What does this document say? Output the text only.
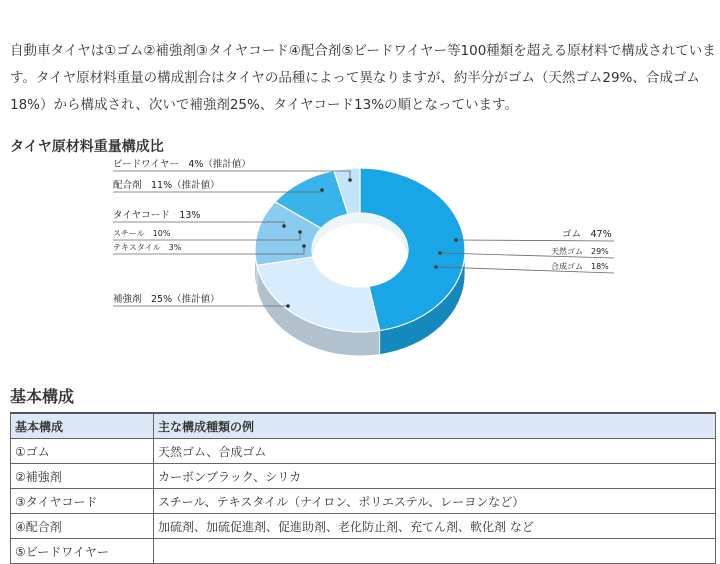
自動車タイヤは①ゴム②補強剤③タイヤコード④配合剤⑤ビードワイヤー等100種類を超える原材料で構成されています。タイヤ原材料重量の構成割合はタイヤの品種によって異なりますが、約半分がゴム（天然ゴム29%、合成ゴム18%）から構成され、次いで補強剤25%、タイヤコード13%の順となっています。
タイヤ原材料重量構成比
ゴム　47%
天然ゴム　29%
合成ゴム　18%
補強剤　25%（推計値）
タイヤコード　13%
スチール　10%
テキスタイル　3%
配合剤　11%（推計値）
ビードワイヤー　4%（推計値）
基本構成
基本構成	主な構成種類の例
①ゴム	天然ゴム、合成ゴム
②補強剤	カーボンブラック、シリカ
③タイヤコード	スチール、テキスタイル（ナイロン、ポリエステル、レーヨンなど）
④配合剤	加硫剤、加硫促進剤、促進助剤、老化防止剤、充てん剤、軟化剤 など
⑤ビードワイヤー	
